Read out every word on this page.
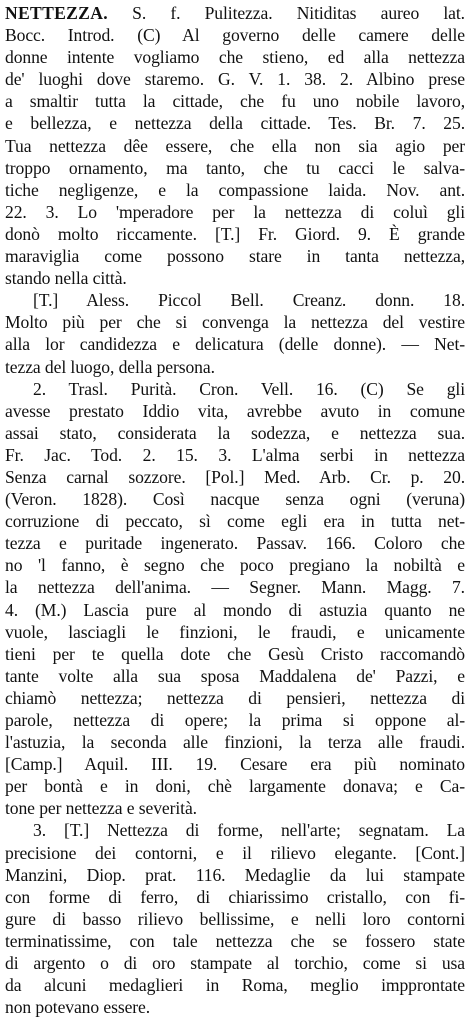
NETTEZZA. S. f. Pulitezza. Nitiditas aureo lat.
Bocc. Introd. (C) Al governo delle camere delle
donne intente vogliamo che stieno, ed alla nettezza
de' luoghi dove staremo. G. V. 1. 38. 2. Albino prese
a smaltir tutta la cittade, che fu uno nobile lavoro,
e bellezza, e nettezza della cittade. Tes. Br. 7. 25.
Tua nettezza dêe essere, che ella non sia agio per
troppo ornamento, ma tanto, che tu cacci le salva-
tiche negligenze, e la compassione laida. Nov. ant.
22. 3. Lo 'mperadore per la nettezza di coluì gli
donò molto riccamente. [T.] Fr. Giord. 9. È grande
maraviglia come possono stare in tanta nettezza,
stando nella città.
[T.] Aless. Piccol Bell. Creanz. donn. 18.
Molto più per che si convenga la nettezza del vestire
alla lor candidezza e delicatura (delle donne). — Net-
tezza del luogo, della persona.
2. Trasl. Purità. Cron. Vell. 16. (C) Se gli
avesse prestato Iddio vita, avrebbe avuto in comune
assai stato, considerata la sodezza, e nettezza sua.
Fr. Jac. Tod. 2. 15. 3. L'alma serbi in nettezza
Senza carnal sozzore. [Pol.] Med. Arb. Cr. p. 20.
(Veron. 1828). Così nacque senza ogni (veruna)
corruzione di peccato, sì come egli era in tutta net-
tezza e puritade ingenerato. Passav. 166. Coloro che
no 'l fanno, è segno che poco pregiano la nobiltà e
la nettezza dell'anima. — Segner. Mann. Magg. 7.
4. (M.) Lascia pure al mondo di astuzia quanto ne
vuole, lasciagli le finzioni, le fraudi, e unicamente
tieni per te quella dote che Gesù Cristo raccomandò
tante volte alla sua sposa Maddalena de' Pazzi, e
chiamò nettezza; nettezza di pensieri, nettezza di
parole, nettezza di opere; la prima si oppone al-
l'astuzia, la seconda alle finzioni, la terza alle fraudi.
[Camp.] Aquil. III. 19. Cesare era più nominato
per bontà e in doni, chè largamente donava; e Ca-
tone per nettezza e severità.
3. [T.] Nettezza di forme, nell'arte; segnatam. La
precisione dei contorni, e il rilievo elegante. [Cont.]
Manzini, Diop. prat. 116. Medaglie da lui stampate
con forme di ferro, di chiarissimo cristallo, con fi-
gure di basso rilievo bellissime, e nelli loro contorni
terminatissime, con tale nettezza che se fossero state
di argento o di oro stampate al torchio, come si usa
da alcuni medaglieri in Roma, meglio impprontate
non potevano essere.
